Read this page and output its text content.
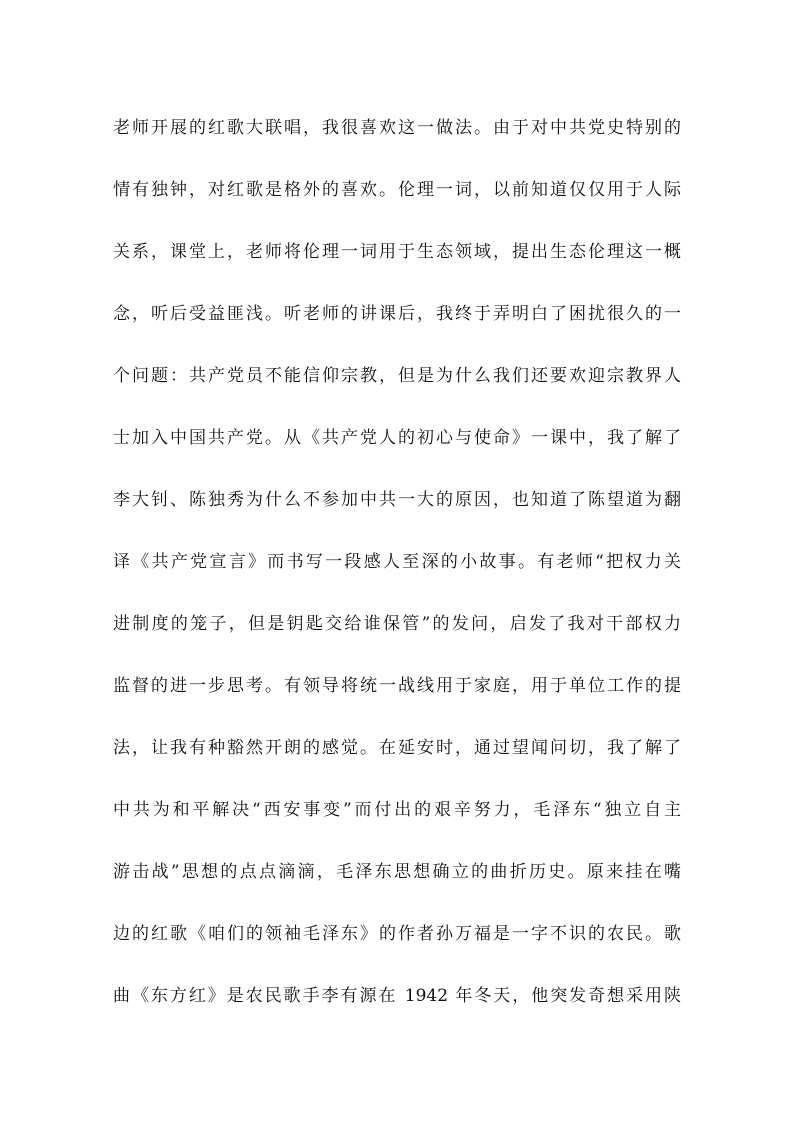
老师开展的红歌大联唱，我很喜欢这一做法。由于对中共党史特别的
情有独钟，对红歌是格外的喜欢。伦理一词，以前知道仅仅用于人际
关系，课堂上，老师将伦理一词用于生态领域，提出生态伦理这一概
念，听后受益匪浅。听老师的讲课后，我终于弄明白了困扰很久的一
个问题：共产党员不能信仰宗教，但是为什么我们还要欢迎宗教界人
士加入中国共产党。从《共产党人的初心与使命》一课中，我了解了
李大钊、陈独秀为什么不参加中共一大的原因，也知道了陈望道为翻
译《共产党宣言》而书写一段感人至深的小故事。有老师“把权力关
进制度的笼子，但是钥匙交给谁保管”的发问，启发了我对干部权力
监督的进一步思考。有领导将统一战线用于家庭，用于单位工作的提
法，让我有种豁然开朗的感觉。在延安时，通过望闻问切，我了解了
中共为和平解决“西安事变”而付出的艰辛努力，毛泽东“独立自主
游击战”思想的点点滴滴，毛泽东思想确立的曲折历史。原来挂在嘴
边的红歌《咱们的领袖毛泽东》的作者孙万福是一字不识的农民。歌
曲《东方红》是农民歌手李有源在 1942 年冬天，他突发奇想采用陕
